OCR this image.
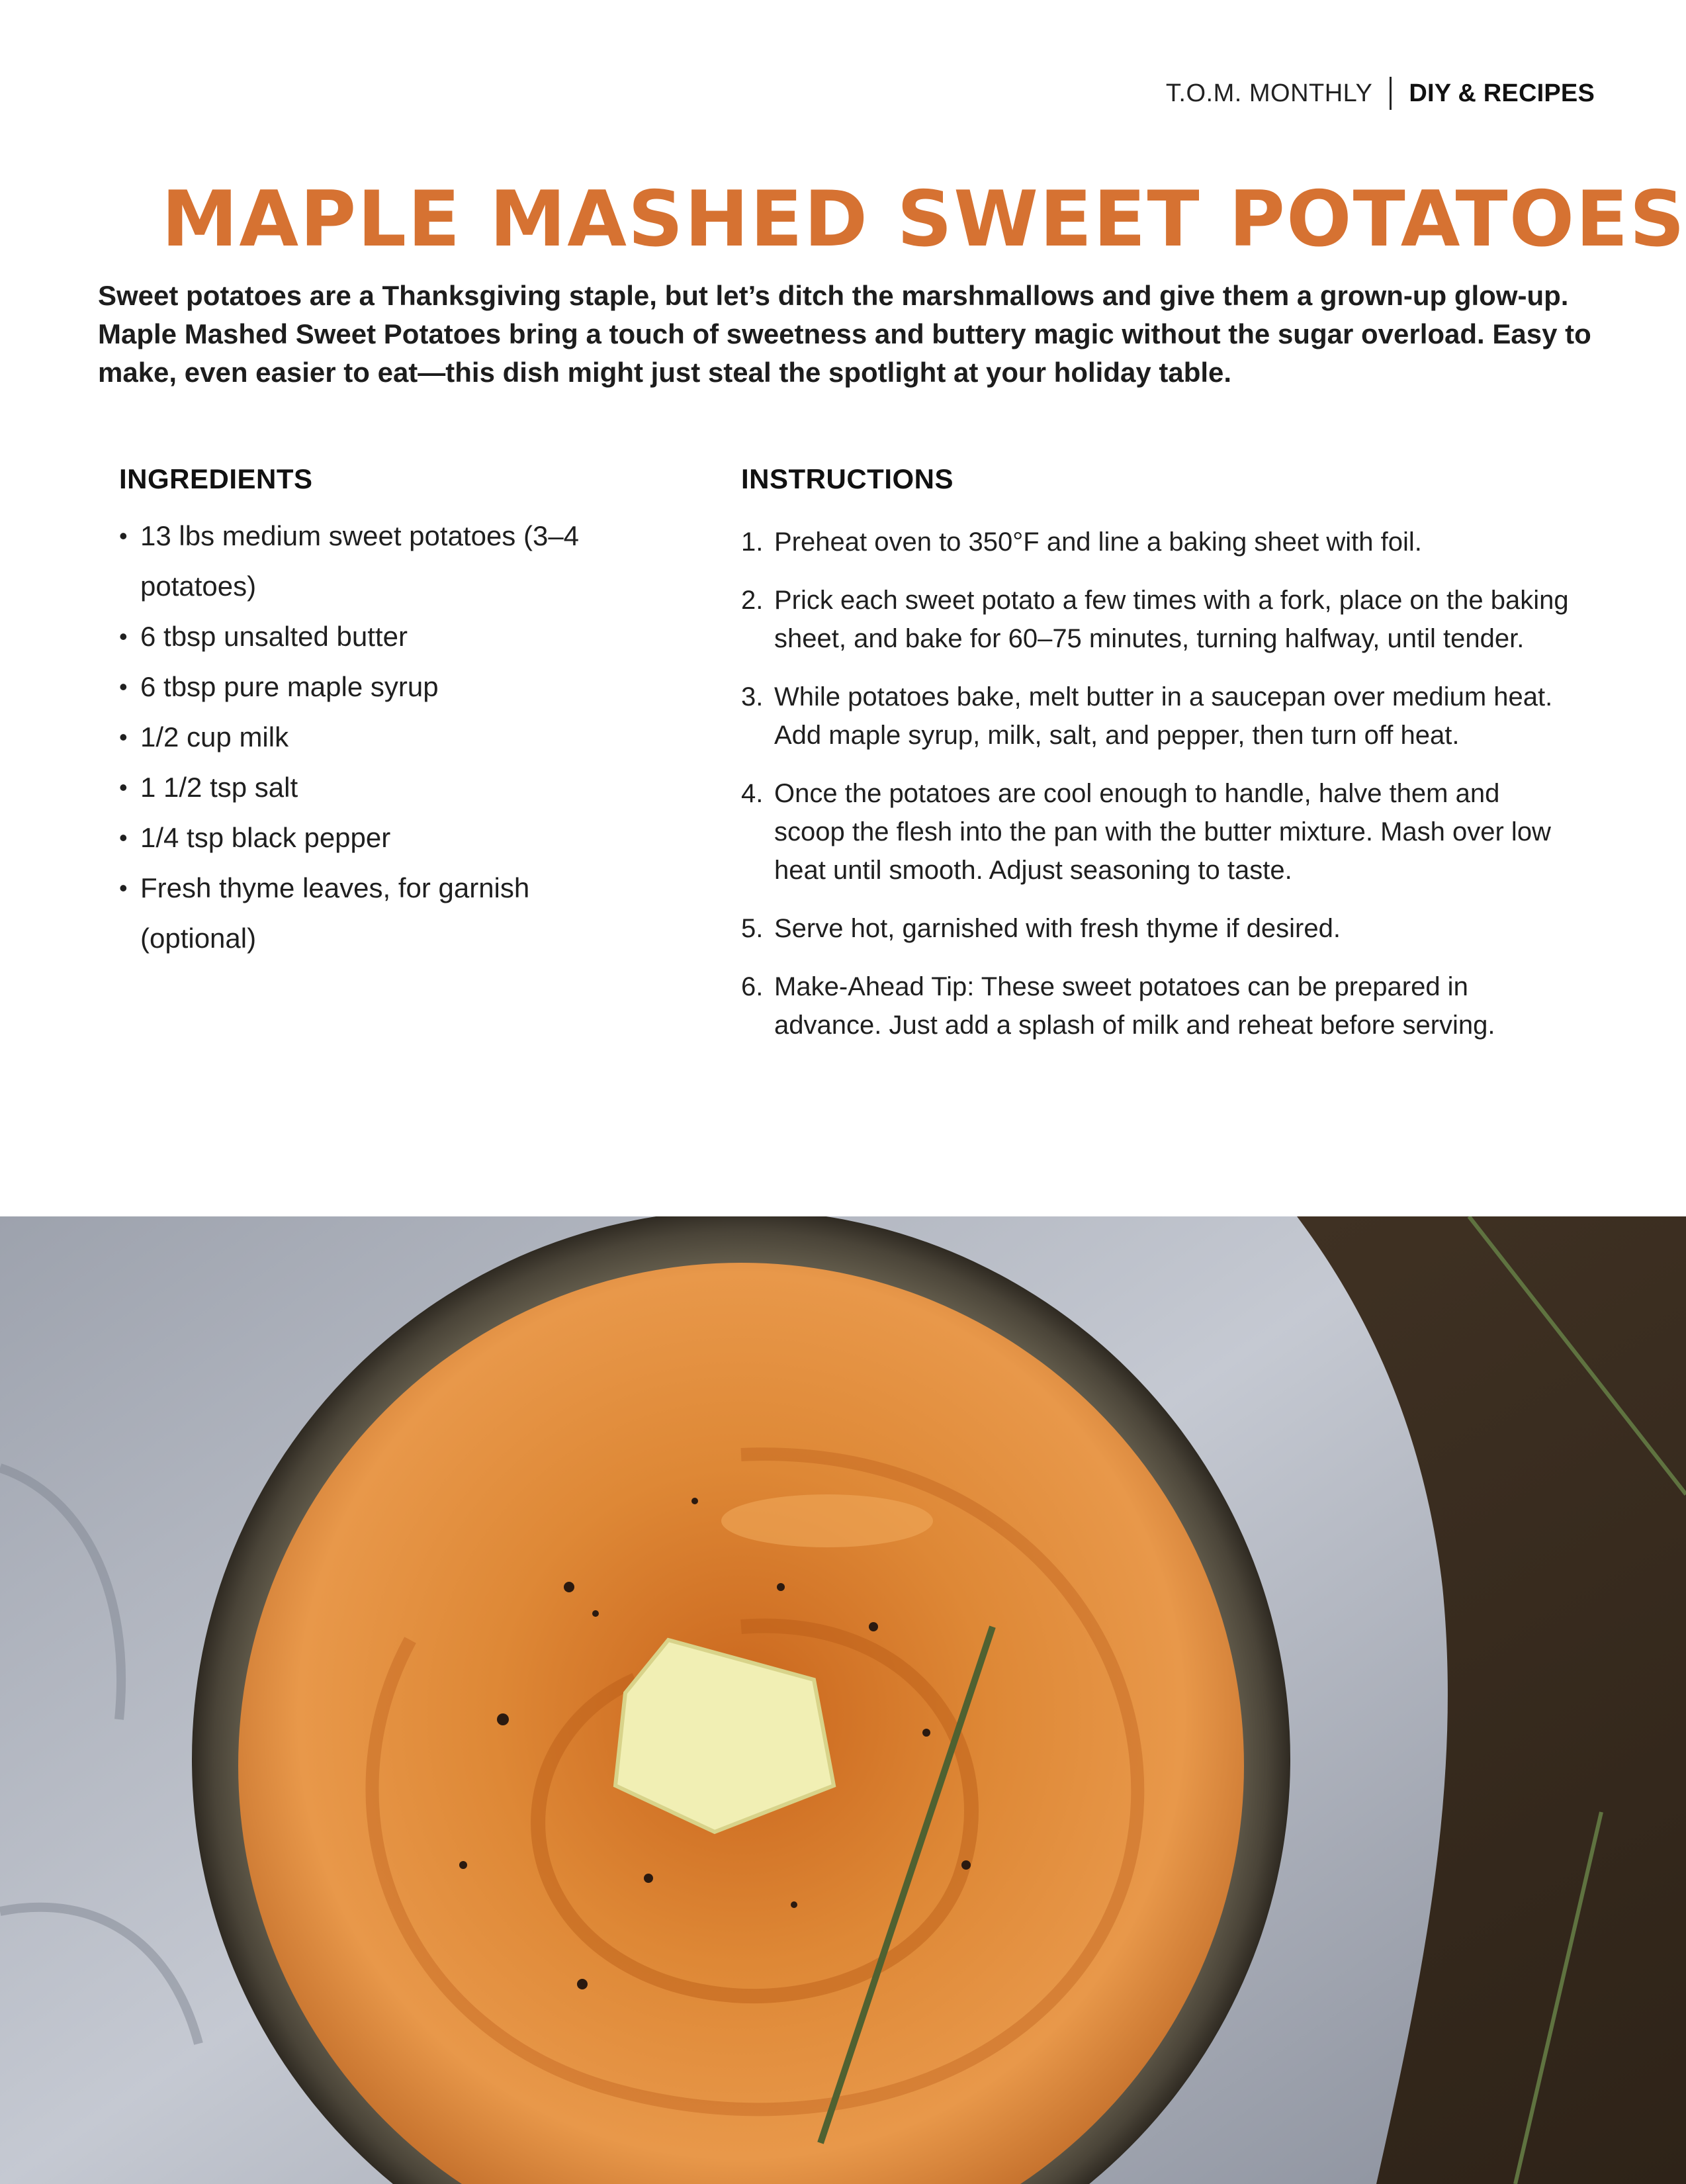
T.O.M. MONTHLY DIY & RECIPES
MAPLE MASHED SWEET POTATOES

Sweet potatoes are a Thanksgiving staple, but let’s ditch the marshmallows and give them a grown-up glow-up. Maple Mashed Sweet Potatoes bring a touch of sweetness and buttery magic without the sugar overload. Easy to make, even easier to eat—this dish might just steal the spotlight at your holiday table.

INGREDIENTS
• 13 lbs medium sweet potatoes (3–4 potatoes)
• 6 tbsp unsalted butter
• 6 tbsp pure maple syrup
• 1/2 cup milk
• 1 1/2 tsp salt
• 1/4 tsp black pepper
• Fresh thyme leaves, for garnish (optional)
INSTRUCTIONS
1. Preheat oven to 350°F and line a baking sheet with foil.
2. Prick each sweet potato a few times with a fork, place on the baking sheet, and bake for 60–75 minutes, turning halfway, until tender.
3. While potatoes bake, melt butter in a saucepan over medium heat. Add maple syrup, milk, salt, and pepper, then turn off heat.
4. Once the potatoes are cool enough to handle, halve them and scoop the flesh into the pan with the butter mixture. Mash over low heat until smooth. Adjust seasoning to taste.
5. Serve hot, garnished with fresh thyme if desired.
6. Make-Ahead Tip: These sweet potatoes can be prepared in advance. Just add a splash of milk and reheat before serving.
